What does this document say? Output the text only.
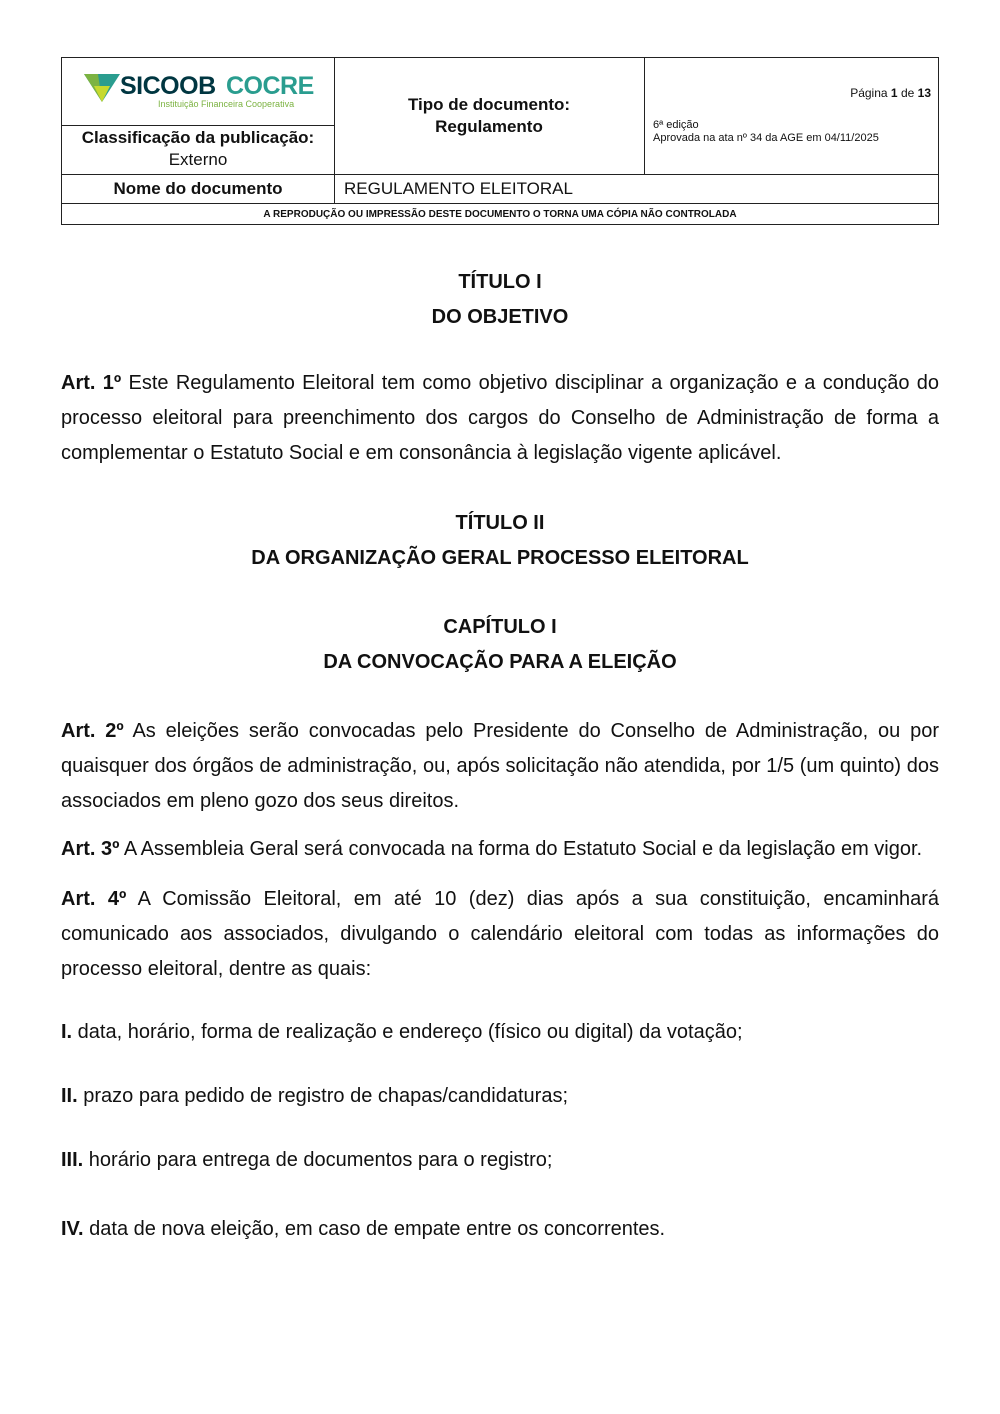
SICOOB COCRE
Instituição Financeira Cooperativa
Classificação da publicação:
Externo
Tipo de documento:
Regulamento
Página 1 de 13
6ª edição
Aprovada na ata nº 34 da AGE em 04/11/2025
Nome do documento	REGULAMENTO ELEITORAL
A REPRODUÇÃO OU IMPRESSÃO DESTE DOCUMENTO O TORNA UMA CÓPIA NÃO CONTROLADA
TÍTULO I
DO OBJETIVO
Art. 1º Este Regulamento Eleitoral tem como objetivo disciplinar a organização e a condução do processo eleitoral para preenchimento dos cargos do Conselho de Administração de forma a complementar o Estatuto Social e em consonância à legislação vigente aplicável.
TÍTULO II
DA ORGANIZAÇÃO GERAL PROCESSO ELEITORAL
CAPÍTULO I
DA CONVOCAÇÃO PARA A ELEIÇÃO
Art. 2º As eleições serão convocadas pelo Presidente do Conselho de Administração, ou por quaisquer dos órgãos de administração, ou, após solicitação não atendida, por 1/5 (um quinto) dos associados em pleno gozo dos seus direitos.
Art. 3º A Assembleia Geral será convocada na forma do Estatuto Social e da legislação em vigor.
Art. 4º A Comissão Eleitoral, em até 10 (dez) dias após a sua constituição, encaminhará comunicado aos associados, divulgando o calendário eleitoral com todas as informações do processo eleitoral, dentre as quais:
I. data, horário, forma de realização e endereço (físico ou digital) da votação;
II. prazo para pedido de registro de chapas/candidaturas;
III. horário para entrega de documentos para o registro;
IV. data de nova eleição, em caso de empate entre os concorrentes.
